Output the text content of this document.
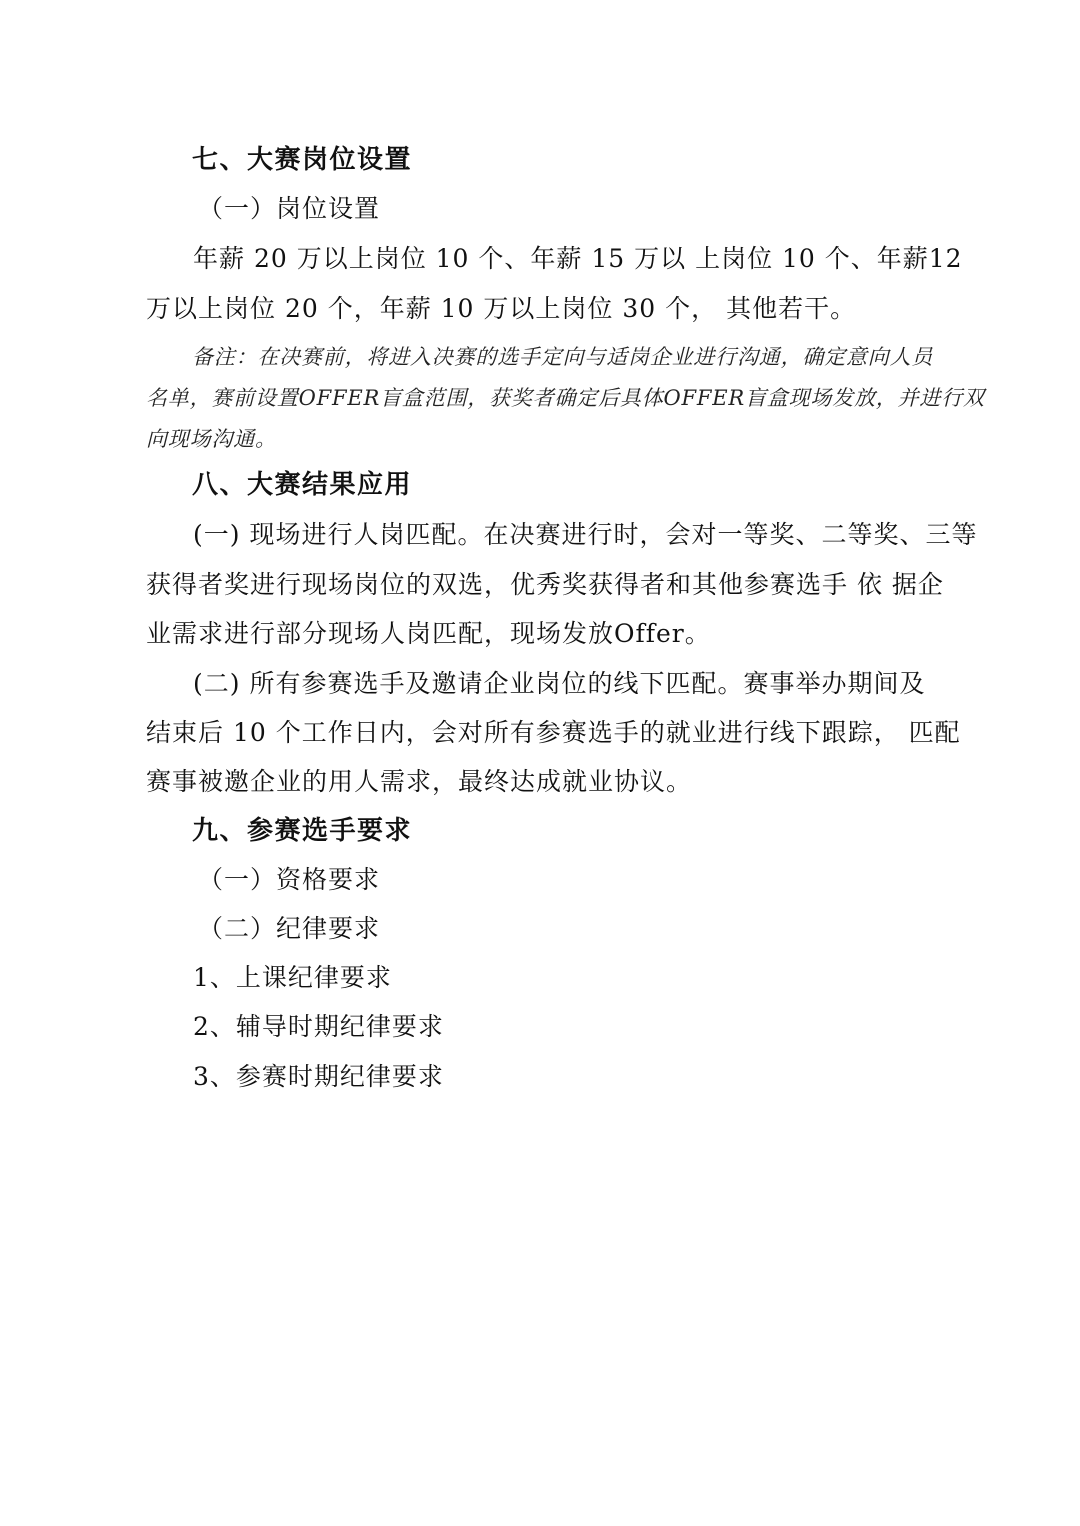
七、大赛岗位设置
（一）岗位设置
年薪 20 万以上岗位 10 个、年薪 15 万以 上岗位 10 个、年薪12
万以上岗位 20 个，年薪 10 万以上岗位 30 个， 其他若干。
备注：在决赛前，将进入决赛的选手定向与适岗企业进行沟通，确定意向人员
名单，赛前设置OFFER盲盒范围，获奖者确定后具体OFFER盲盒现场发放，并进行双
向现场沟通。
八、大赛结果应用
(一) 现场进行人岗匹配。在决赛进行时，会对一等奖、二等奖、三等
获得者奖进行现场岗位的双选，优秀奖获得者和其他参赛选手 依 据企
业需求进行部分现场人岗匹配，现场发放Offer。
(二) 所有参赛选手及邀请企业岗位的线下匹配。赛事举办期间及
结束后 10 个工作日内，会对所有参赛选手的就业进行线下跟踪， 匹配
赛事被邀企业的用人需求，最终达成就业协议。
九、参赛选手要求
（一）资格要求
（二）纪律要求
1、上课纪律要求
2、辅导时期纪律要求
3、参赛时期纪律要求
